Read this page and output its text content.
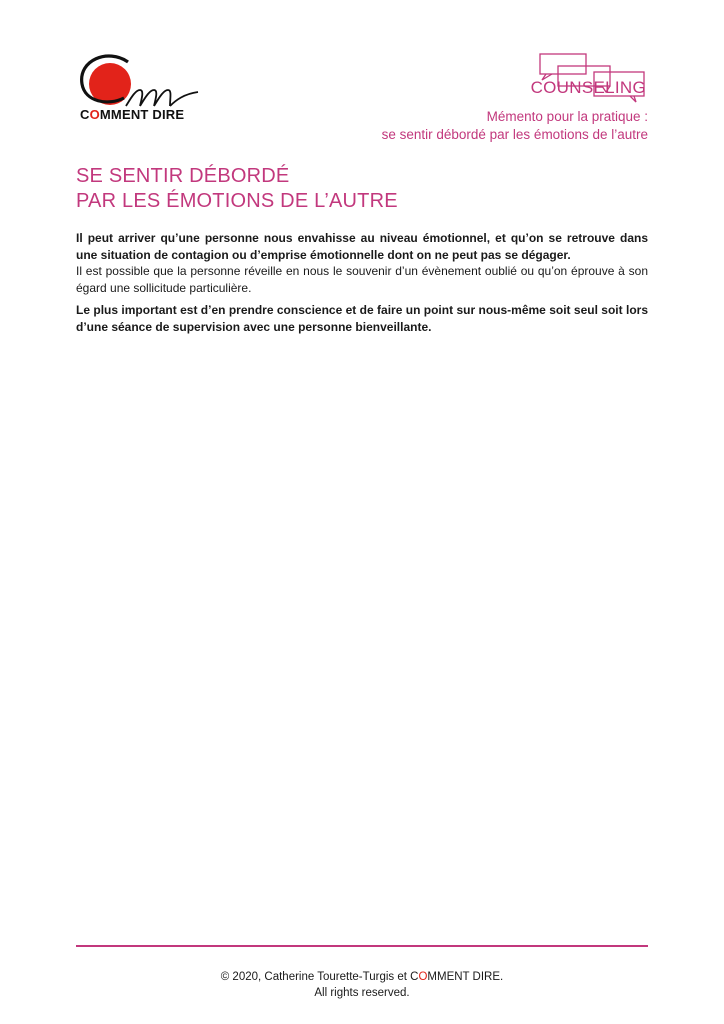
COMMENT DIRE
COUNSELING
Mémento pour la pratique :
se sentir débordé par les émotions de l’autre
SE SENTIR DÉBORDÉ
PAR LES ÉMOTIONS DE L’AUTRE

Il peut arriver qu’une personne nous envahisse au niveau émotionnel, et qu’on se retrouve dans une situation de contagion ou d’emprise émotionnelle dont on ne peut pas se dégager.

Il est possible que la personne réveille en nous le souvenir d’un évènement oublié ou qu’on éprouve à son égard une sollicitude particulière.

Le plus important est d’en prendre conscience et de faire un point sur nous-même soit seul soit lors d’une séance de supervision avec une personne bienveillante.

© 2020, Catherine Tourette-Turgis et COMMENT DIRE.
All rights reserved.
